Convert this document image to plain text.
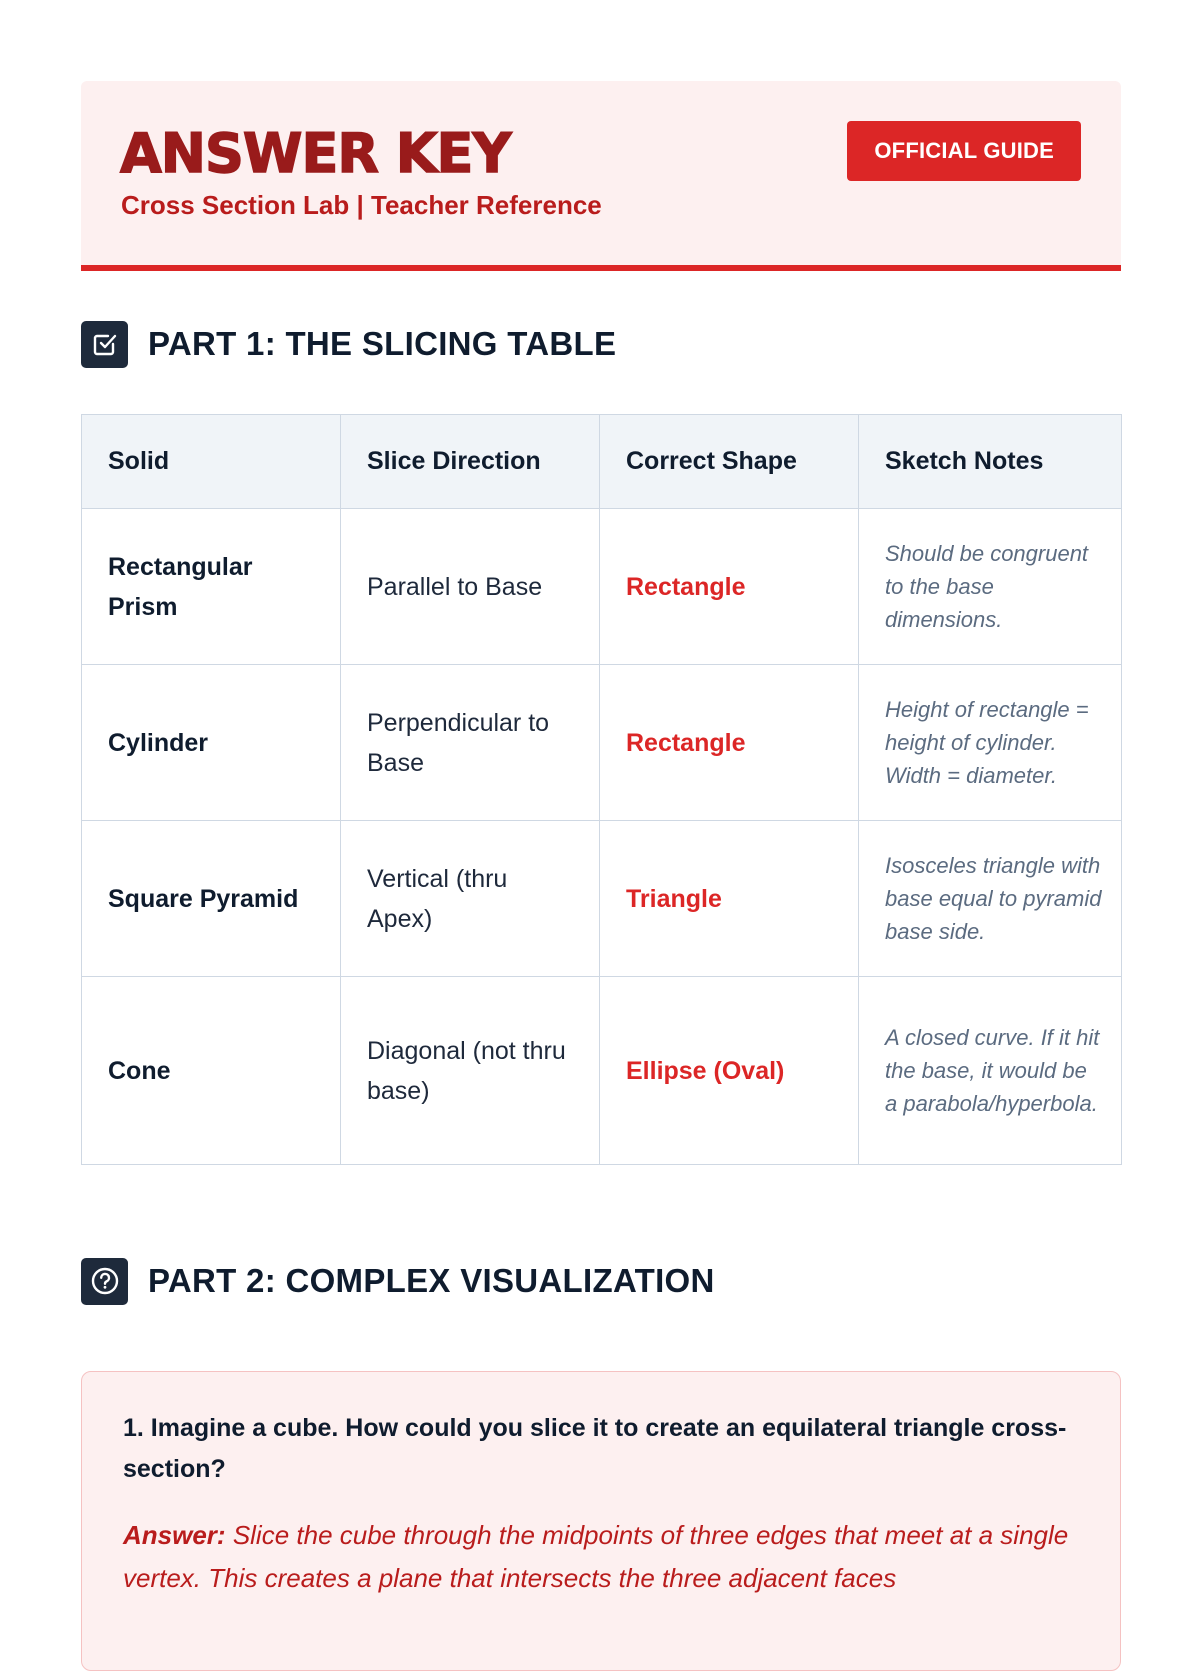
ANSWER KEY
Cross Section Lab | Teacher Reference
OFFICIAL GUIDE
PART 1: THE SLICING TABLE
Solid	Slice Direction	Correct Shape	Sketch Notes
Rectangular Prism	Parallel to Base	Rectangle	Should be congruent to the base dimensions.
Cylinder	Perpendicular to Base	Rectangle	Height of rectangle = height of cylinder. Width = diameter.
Square Pyramid	Vertical (thru Apex)	Triangle	Isosceles triangle with base equal to pyramid base side.
Cone	Diagonal (not thru base)	Ellipse (Oval)	A closed curve. If it hit the base, it would be a parabola/hyperbola.
PART 2: COMPLEX VISUALIZATION

1. Imagine a cube. How could you slice it to create an equilateral triangle cross-section?

Answer: Slice the cube through the midpoints of three edges that meet at a single vertex. This creates a plane that intersects the three adjacent faces
